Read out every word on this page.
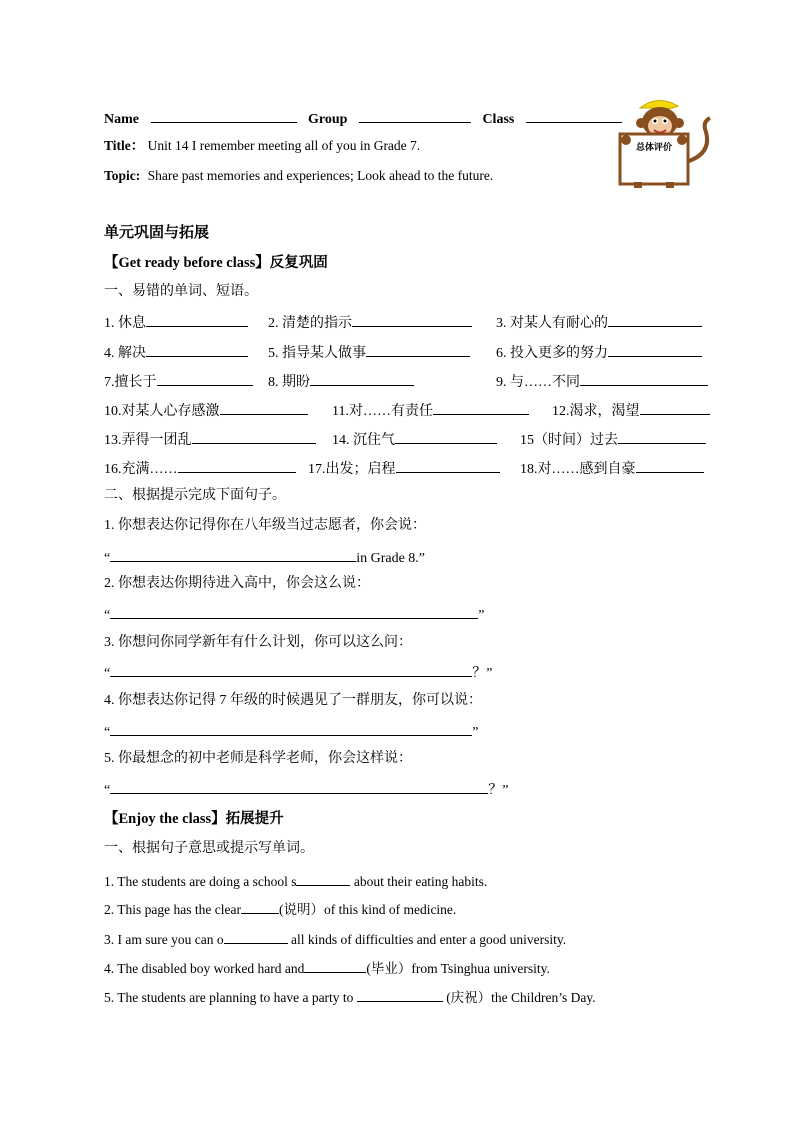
Name	Group	Class
Title： Unit 14 I remember meeting all of you in Grade 7.
Topic: Share past memories and experiences; Look ahead to the future.
总体评价
单元巩固与拓展
【Get ready before class】反复巩固
一、易错的单词、短语。
1. 休息	2. 清楚的指示	3. 对某人有耐心的
4. 解决	5. 指导某人做事	6. 投入更多的努力
7.擅长于	8. 期盼	9. 与……不同
10.对某人心存感激	11.对……有责任	12.渴求，渴望
13.弄得一团乱	14. 沉住气	15（时间）过去
16.充满……	17.出发；启程	18.对……感到自豪
二、根据提示完成下面句子。
1. 你想表达你记得你在八年级当过志愿者，你会说：
“	in Grade 8.”
2. 你想表达你期待进入高中，你会这么说：
“	”
3. 你想问你同学新年有什么计划，你可以这么问：
“	？”
4. 你想表达你记得 7 年级的时候遇见了一群朋友，你可以说：
“	”
5. 你最想念的初中老师是科学老师，你会这样说：
“	？”
【Enjoy the class】拓展提升
一、根据句子意思或提示写单词。
1. The students are doing a school s	about their eating habits.
2. This page has the clear	(说明）of this kind of medicine.
3. I am sure you can o	all kinds of difficulties and enter a good university.
4. The disabled boy worked hard and	(毕业）from Tsinghua university.
5. The students are planning to have a party to	(庆祝）the Children’s Day.
